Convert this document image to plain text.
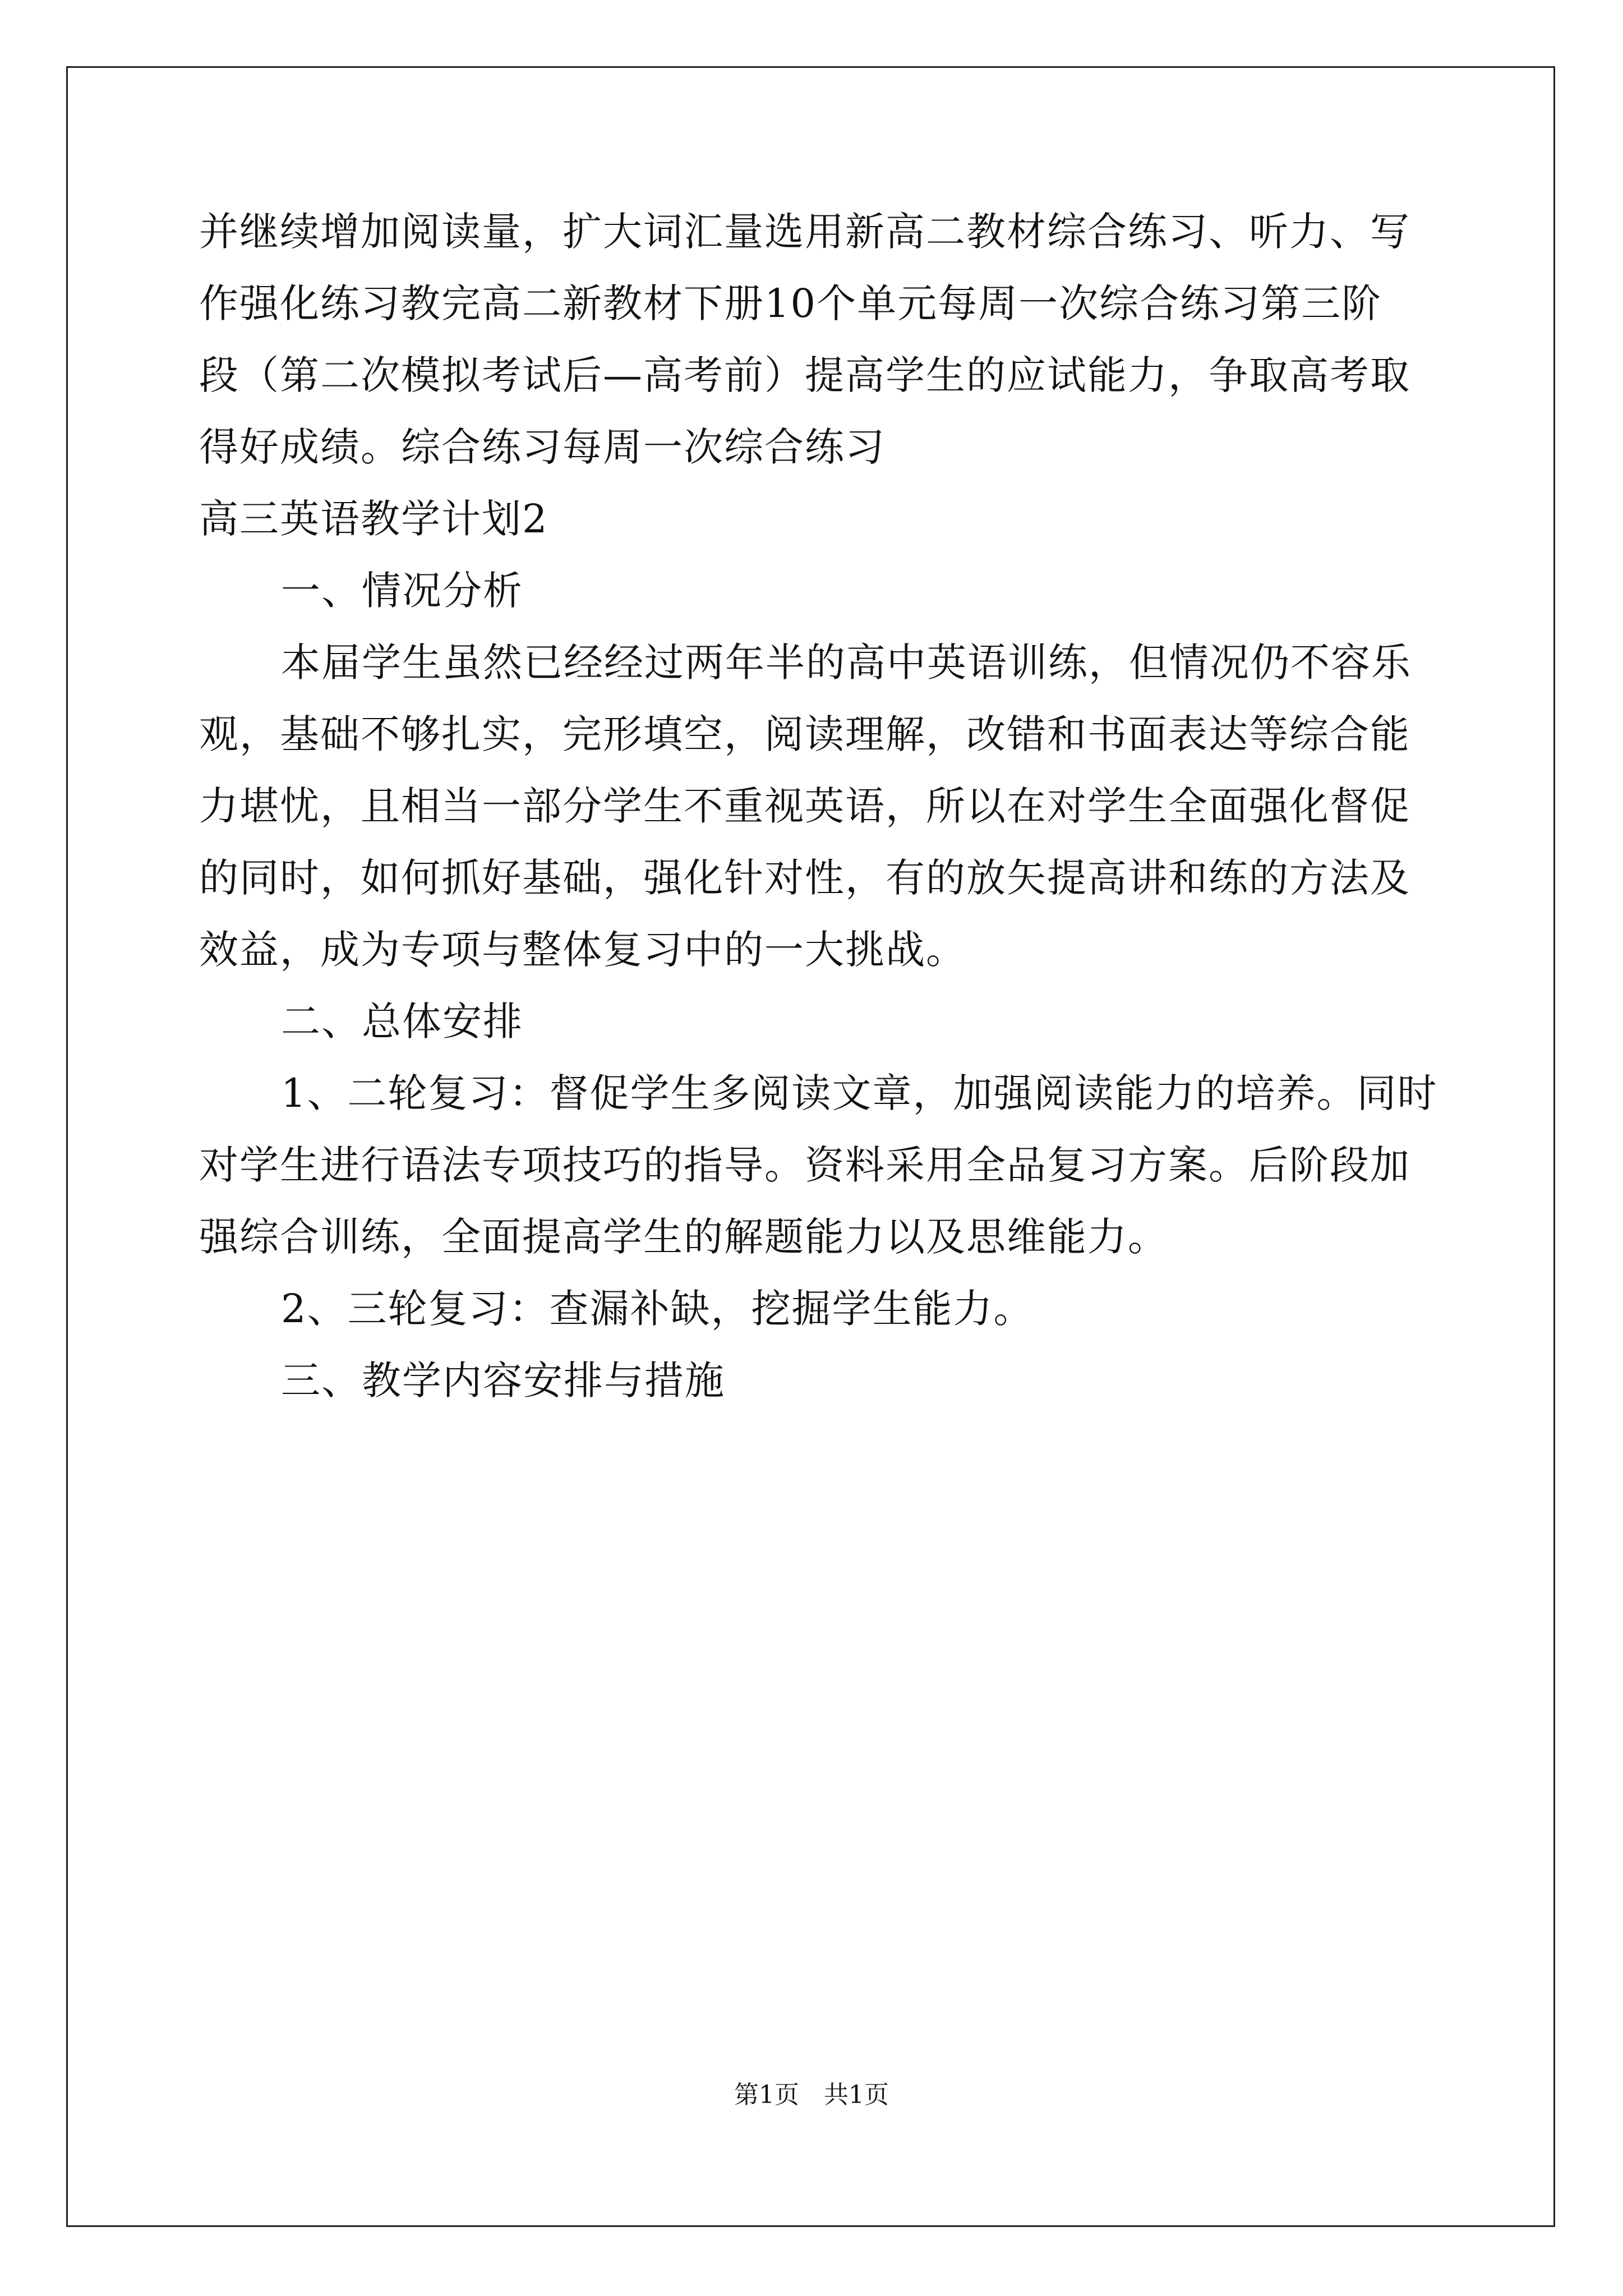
并继续增加阅读量，扩大词汇量选用新高二教材综合练习、听力、写
作强化练习教完高二新教材下册10个单元每周一次综合练习第三阶
段（第二次模拟考试后—高考前）提高学生的应试能力，争取高考取
得好成绩。综合练习每周一次综合练习
高三英语教学计划2
一、情况分析
本届学生虽然已经经过两年半的高中英语训练，但情况仍不容乐
观，基础不够扎实，完形填空，阅读理解，改错和书面表达等综合能
力堪忧，且相当一部分学生不重视英语，所以在对学生全面强化督促
的同时，如何抓好基础，强化针对性，有的放矢提高讲和练的方法及
效益，成为专项与整体复习中的一大挑战。
二、总体安排
1、二轮复习：督促学生多阅读文章，加强阅读能力的培养。同时
对学生进行语法专项技巧的指导。资料采用全品复习方案。后阶段加
强综合训练，全面提高学生的解题能力以及思维能力。
2、三轮复习：查漏补缺，挖掘学生能力。
三、教学内容安排与措施
第1页 共1页
